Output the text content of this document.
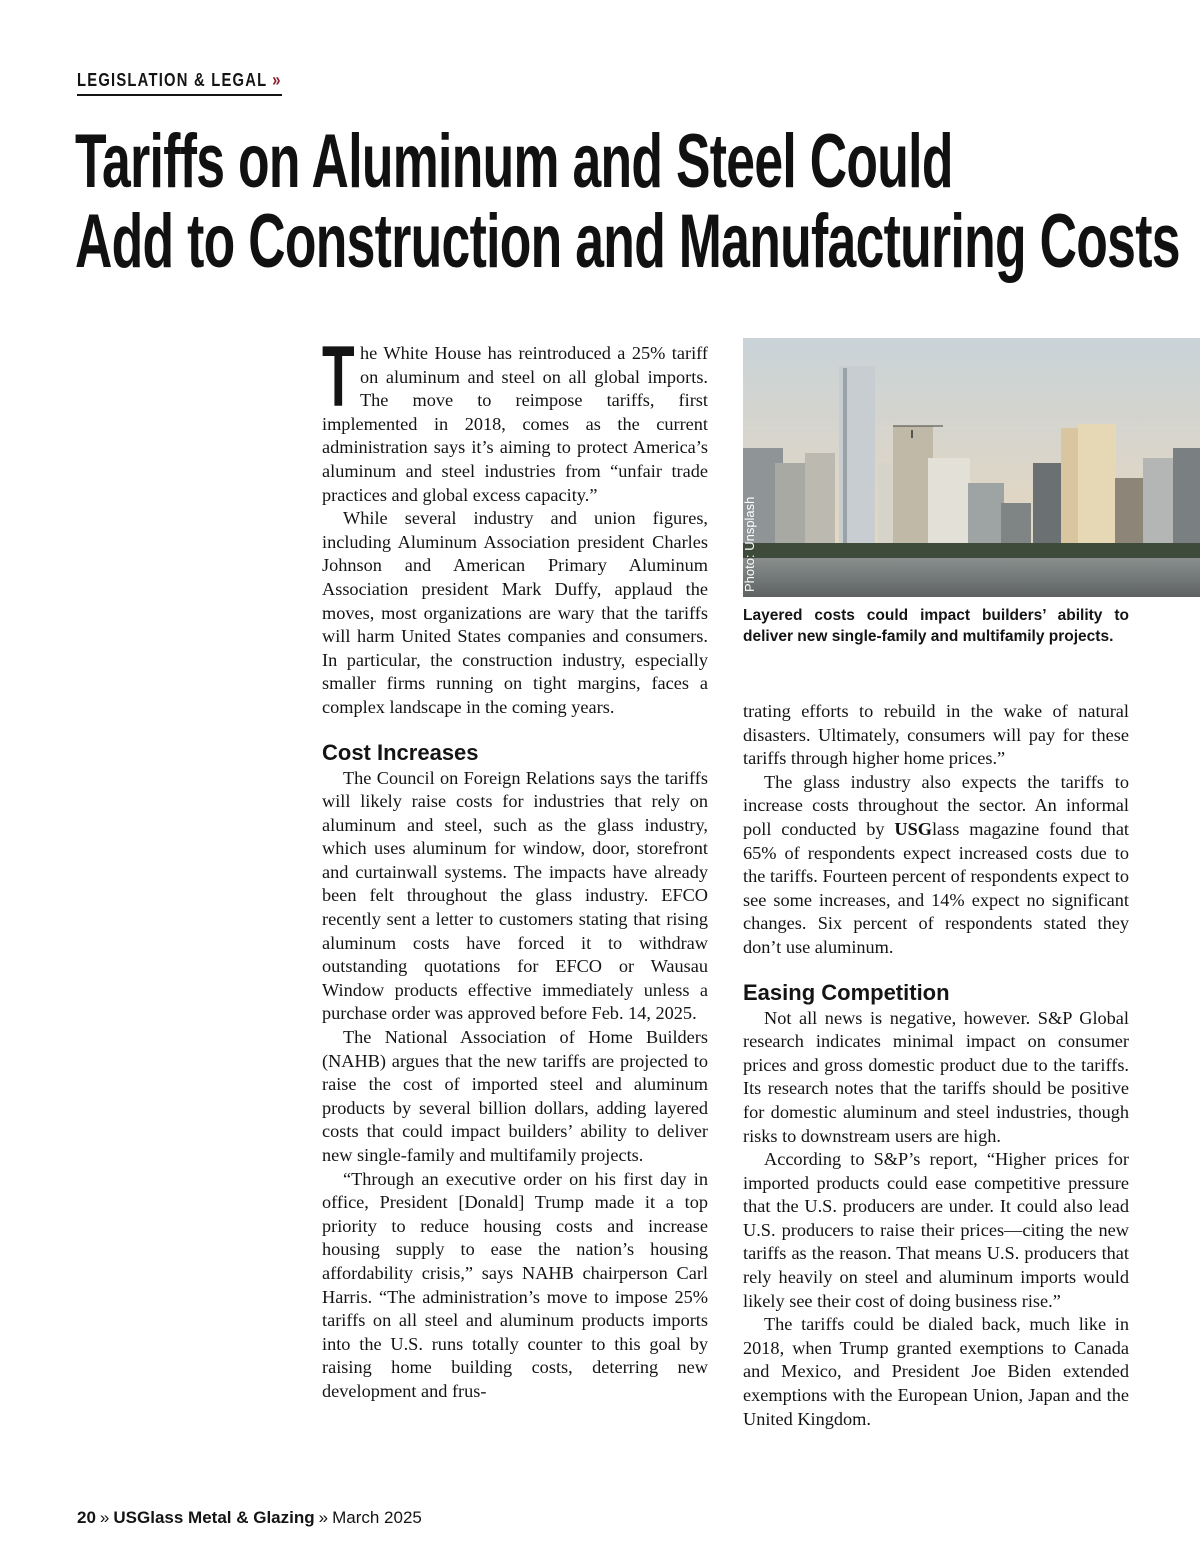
LEGISLATION & LEGAL »
Tariffs on Aluminum and Steel Could
Add to Construction and Manufacturing Costs

The White House has reintroduced a 25% tariff on aluminum and steel on all global imports. The move to reimpose tariffs, first implemented in 2018, comes as the current administration says it’s aiming to protect America’s aluminum and steel industries from “unfair trade practices and global excess capacity.”

While several industry and union figures, including Aluminum Association president Charles Johnson and American Primary Aluminum Association president Mark Duffy, applaud the moves, most organizations are wary that the tariffs will harm United States companies and consumers. In particular, the construction industry, especially smaller firms running on tight margins, faces a complex landscape in the coming years.

Cost Increases

The Council on Foreign Relations says the tariffs will likely raise costs for industries that rely on aluminum and steel, such as the glass industry, which uses aluminum for window, door, storefront and curtainwall systems. The impacts have already been felt throughout the glass industry. EFCO recently sent a letter to customers stating that rising aluminum costs have forced it to withdraw outstanding quotations for EFCO or Wausau Window products effective immediately unless a purchase order was approved before Feb. 14, 2025.

The National Association of Home Builders (NAHB) argues that the new tariffs are projected to raise the cost of imported steel and aluminum products by several billion dollars, adding layered costs that could impact builders’ ability to deliver new single-family and multifamily projects.

“Through an executive order on his first day in office, President [Donald] Trump made it a top priority to reduce housing costs and increase housing supply to ease the nation’s housing affordability crisis,” says NAHB chairperson Carl Harris. “The administration’s move to impose 25% tariffs on all steel and aluminum products imports into the U.S. runs totally counter to this goal by raising home building costs, deterring new development and frus-

Photo: Unsplash
Layered costs could impact builders’ ability to deliver new single-family and multifamily projects.

trating efforts to rebuild in the wake of natural disasters. Ultimately, consumers will pay for these tariffs through higher home prices.”

The glass industry also expects the tariffs to increase costs throughout the sector. An informal poll conducted by USGlass magazine found that 65% of respondents expect increased costs due to the tariffs. Fourteen percent of respondents expect to see some increases, and 14% expect no significant changes. Six percent of respondents stated they don’t use aluminum.

Easing Competition

Not all news is negative, however. S&P Global research indicates minimal impact on consumer prices and gross domestic product due to the tariffs. Its research notes that the tariffs should be positive for domestic aluminum and steel industries, though risks to downstream users are high.

According to S&P’s report, “Higher prices for imported products could ease competitive pressure that the U.S. producers are under. It could also lead U.S. producers to raise their prices—citing the new tariffs as the reason. That means U.S. producers that rely heavily on steel and aluminum imports would likely see their cost of doing business rise.”

The tariffs could be dialed back, much like in 2018, when Trump granted exemptions to Canada and Mexico, and President Joe Biden extended exemptions with the European Union, Japan and the United Kingdom.

20 » USGlass Metal & Glazing » March 2025
